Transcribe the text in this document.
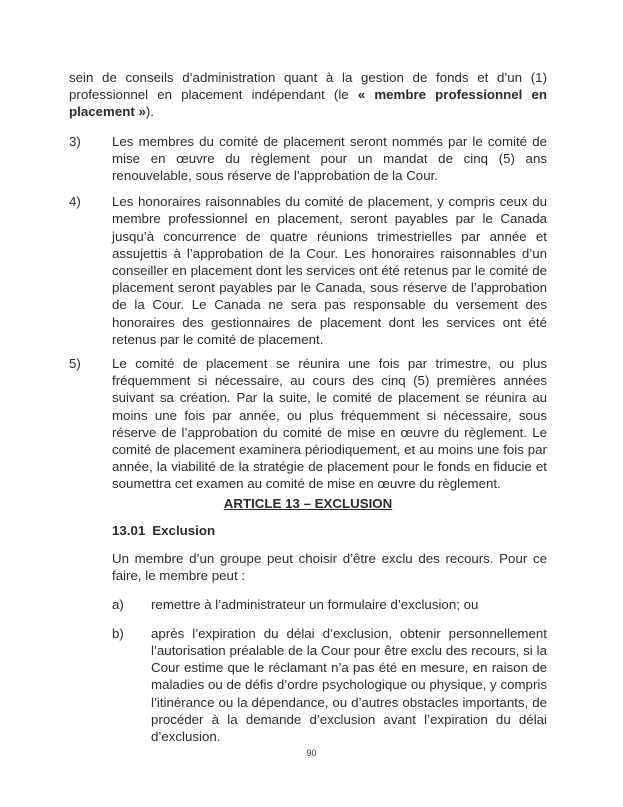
sein de conseils d’administration quant à la gestion de fonds et d’un (1) professionnel en placement indépendant (le « membre professionnel en placement »).

3)	Les membres du comité de placement seront nommés par le comité de mise en œuvre du règlement pour un mandat de cinq (5) ans renouvelable, sous réserve de l’approbation de la Cour.
4)	Les honoraires raisonnables du comité de placement, y compris ceux du membre professionnel en placement, seront payables par le Canada jusqu’à concurrence de quatre réunions trimestrielles par année et assujettis à l’approbation de la Cour. Les honoraires raisonnables d’un conseiller en placement dont les services ont été retenus par le comité de placement seront payables par le Canada, sous réserve de l’approbation de la Cour. Le Canada ne sera pas responsable du versement des honoraires des gestionnaires de placement dont les services ont été retenus par le comité de placement.
5)	Le comité de placement se réunira une fois par trimestre, ou plus fréquemment si nécessaire, au cours des cinq (5) premières années suivant sa création. Par la suite, le comité de placement se réunira au moins une fois par année, ou plus fréquemment si nécessaire, sous réserve de l’approbation du comité de mise en œuvre du règlement. Le comité de placement examinera périodiquement, et au moins une fois par année, la viabilité de la stratégie de placement pour le fonds en fiducie et soumettra cet examen au comité de mise en œuvre du règlement.
ARTICLE 13 – EXCLUSION
13.01 Exclusion

Un membre d’un groupe peut choisir d’être exclu des recours. Pour ce faire, le membre peut :

a)	remettre à l’administrateur un formulaire d’exclusion; ou
b)	après l’expiration du délai d’exclusion, obtenir personnellement l’autorisation préalable de la Cour pour être exclu des recours, si la Cour estime que le réclamant n’a pas été en mesure, en raison de maladies ou de défis d’ordre psychologique ou physique, y compris l’itinérance ou la dépendance, ou d’autres obstacles importants, de procéder à la demande d’exclusion avant l’expiration du délai d’exclusion.
90
